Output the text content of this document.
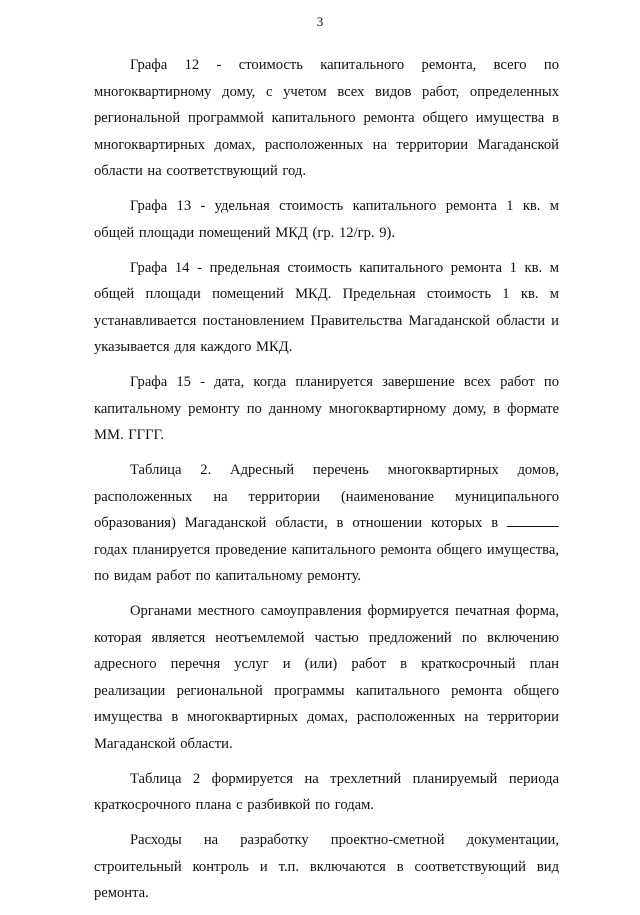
3

Графа 12 - стоимость капитального ремонта, всего по многоквартирному дому, с учетом всех видов работ, определенных региональной программой капитального ремонта общего имущества в многоквартирных домах, расположенных на территории Магаданской области на соответствующий год.

Графа 13 - удельная стоимость капитального ремонта 1 кв. м общей площади помещений МКД (гр. 12/гр. 9).

Графа 14 - предельная стоимость капитального ремонта 1 кв. м общей площади помещений МКД. Предельная стоимость 1 кв. м устанавливается постановлением Правительства Магаданской области и указывается для каждого МКД.

Графа 15 - дата, когда планируется завершение всех работ по капитальному ремонту по данному многоквартирному дому, в формате ММ. ГГГГ.

Таблица 2. Адресный перечень многоквартирных домов, расположенных на территории (наименование муниципального образования) Магаданской области, в отношении которых в  годах планируется проведение капитального ремонта общего имущества, по видам работ по капитальному ремонту.

Органами местного самоуправления формируется печатная форма, которая является неотъемлемой частью предложений по включению адресного перечня услуг и (или) работ в краткосрочный план реализации региональной программы капитального ремонта общего имущества в многоквартирных домах, расположенных на территории Магаданской области.

Таблица 2 формируется на трехлетний планируемый периода краткосрочного плана с разбивкой по годам.

Расходы на разработку проектно-сметной документации, строительный контроль и т.п. включаются в соответствующий вид ремонта.
